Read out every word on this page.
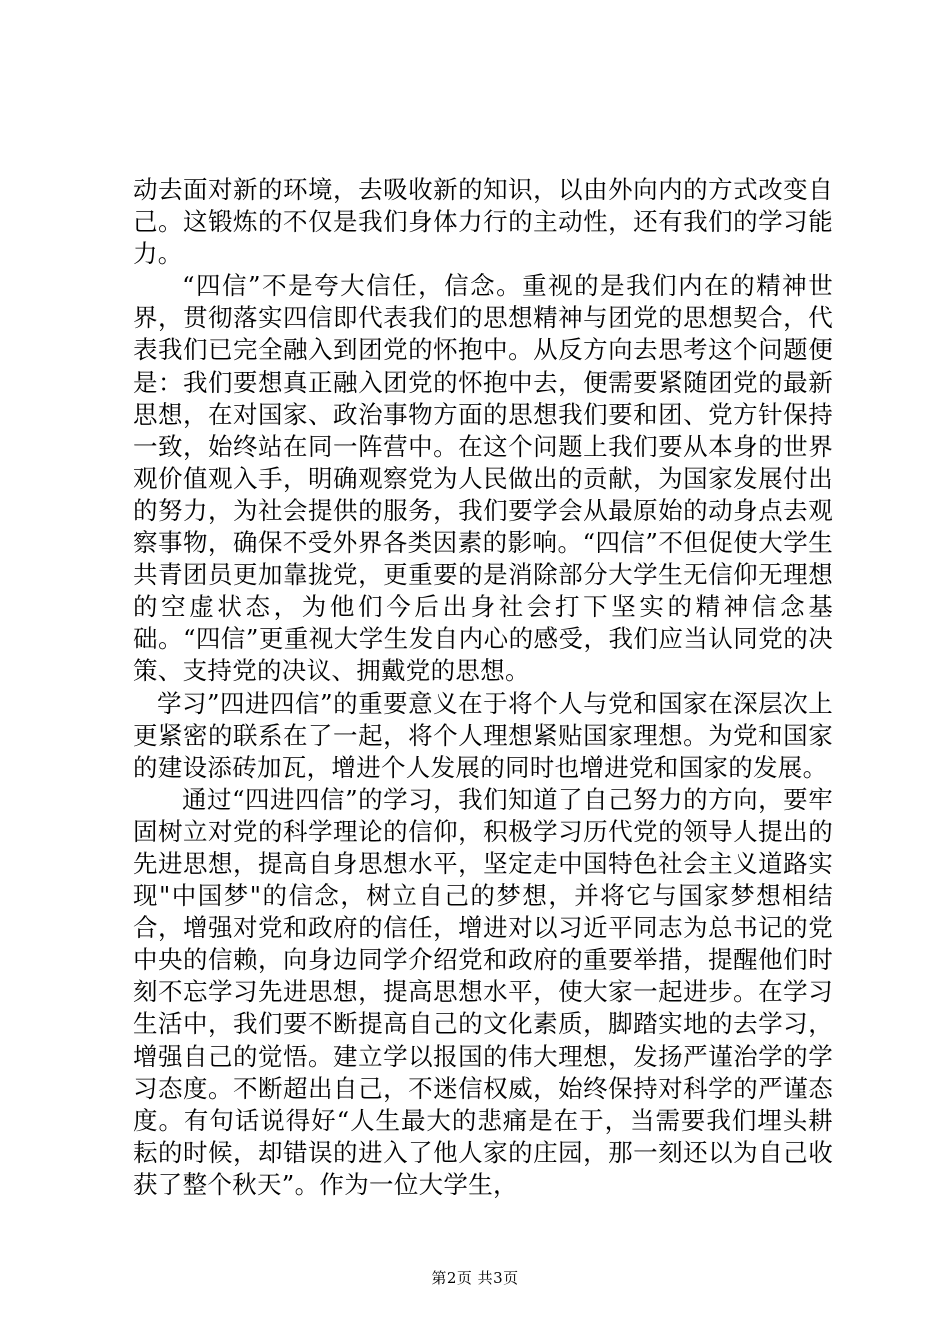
动去面对新的环境，去吸收新的知识，以由外向内的方式改变自己。这锻炼的不仅是我们身体力行的主动性，还有我们的学习能力。

“四信”不是夸大信任，信念。重视的是我们内在的精神世界，贯彻落实四信即代表我们的思想精神与团党的思想契合，代表我们已完全融入到团党的怀抱中。从反方向去思考这个问题便是：我们要想真正融入团党的怀抱中去，便需要紧随团党的最新思想，在对国家、政治事物方面的思想我们要和团、党方针保持一致，始终站在同一阵营中。在这个问题上我们要从本身的世界观价值观入手，明确观察党为人民做出的贡献，为国家发展付出的努力，为社会提供的服务，我们要学会从最原始的动身点去观察事物，确保不受外界各类因素的影响。“四信”不但促使大学生共青团员更加靠拢党，更重要的是消除部分大学生无信仰无理想的空虚状态，为他们今后出身社会打下坚实的精神信念基础。“四信”更重视大学生发自内心的感受，我们应当认同党的决策、支持党的决议、拥戴党的思想。

学习”四进四信”的重要意义在于将个人与党和国家在深层次上更紧密的联系在了一起，将个人理想紧贴国家理想。为党和国家的建设添砖加瓦，增进个人发展的同时也增进党和国家的发展。

通过“四进四信”的学习，我们知道了自己努力的方向，要牢固树立对党的科学理论的信仰，积极学习历代党的领导人提出的先进思想，提高自身思想水平，坚定走中国特色社会主义道路实现"中国梦"的信念，树立自己的梦想，并将它与国家梦想相结合，增强对党和政府的信任，增进对以习近平同志为总书记的党中央的信赖，向身边同学介绍党和政府的重要举措，提醒他们时刻不忘学习先进思想，提高思想水平，使大家一起进步。在学习生活中，我们要不断提高自己的文化素质，脚踏实地的去学习，增强自己的觉悟。建立学以报国的伟大理想，发扬严谨治学的学习态度。不断超出自己，不迷信权威，始终保持对科学的严谨态度。有句话说得好“人生最大的悲痛是在于，当需要我们埋头耕耘的时候，却错误的进入了他人家的庄园，那一刻还以为自己收获了整个秋天”。作为一位大学生，

第2页 共3页
